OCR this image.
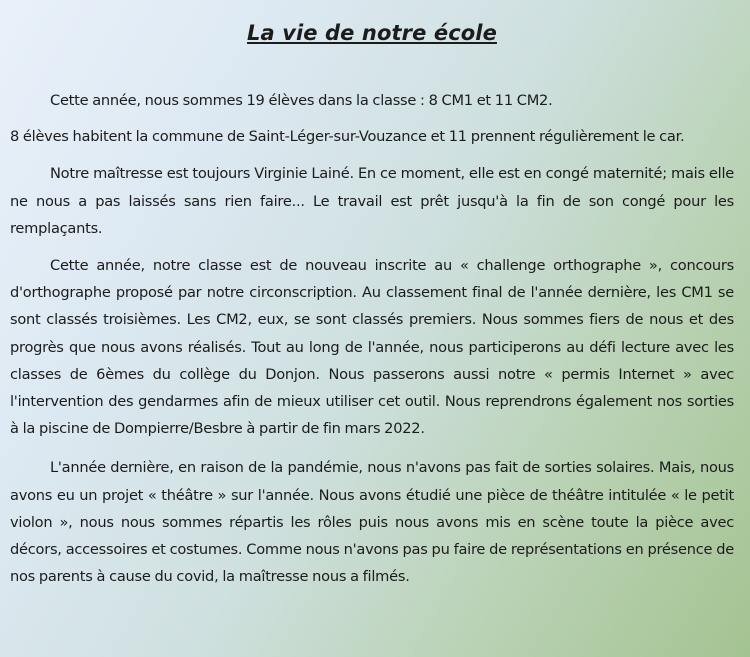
La vie de notre école

Cette année, nous sommes 19 élèves dans la classe : 8 CM1 et 11 CM2.

8 élèves habitent la commune de Saint-Léger-sur-Vouzance et 11 prennent régulièrement le car.

Notre maîtresse est toujours Virginie Lainé. En ce moment, elle est en congé maternité; mais elle ne nous a pas laissés sans rien faire... Le travail est prêt jusqu'à la fin de son congé pour les remplaçants.

Cette année, notre classe est de nouveau inscrite au « challenge orthographe », concours d'orthographe proposé par notre circonscription. Au classement final de l'année dernière, les CM1 se sont classés troisièmes. Les CM2, eux, se sont classés premiers. Nous sommes fiers de nous et des progrès que nous avons réalisés. Tout au long de l'année, nous participerons au défi lecture avec les classes de 6èmes du collège du Donjon. Nous passerons aussi notre « permis Internet » avec l'intervention des gendarmes afin de mieux utiliser cet outil. Nous reprendrons également nos sorties à la piscine de Dompierre/Besbre à partir de fin mars 2022.

L'année dernière, en raison de la pandémie, nous n'avons pas fait de sorties solaires. Mais, nous avons eu un projet « théâtre » sur l'année. Nous avons étudié une pièce de théâtre intitulée « le petit violon », nous nous sommes répartis les rôles puis nous avons mis en scène toute la pièce avec décors, accessoires et costumes. Comme nous n'avons pas pu faire de représentations en présence de nos parents à cause du covid, la maîtresse nous a filmés.
